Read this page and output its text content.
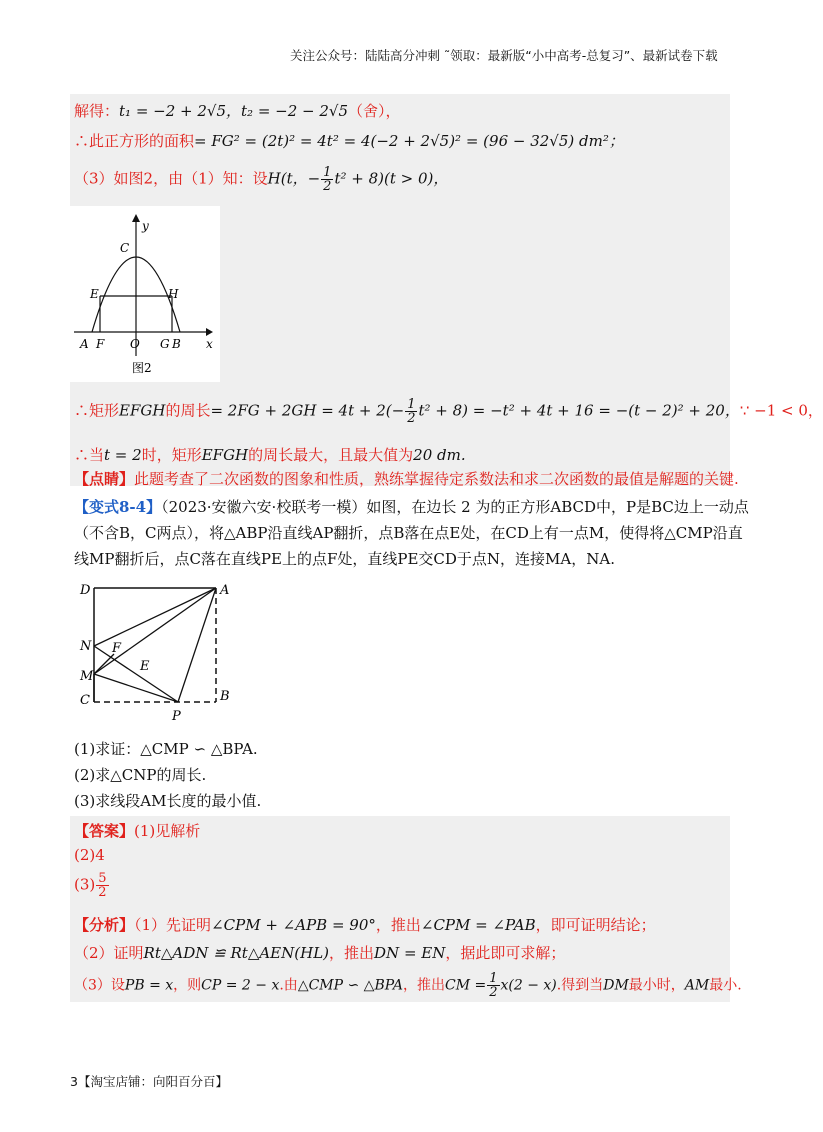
关注公众号：陆陆高分冲刺 ˜领取：最新版“小中高考-总复习”、最新试卷下载
解得：t₁ = −2 + 2√5，t₂ = −2 − 2√5（舍），
∴此正方形的面积= FG² = (2t)² = 4t² = 4(−2 + 2√5)² = (96 − 32√5) dm²；
（3）如图2，由（1）知：设H(t，− $\frac{1}{2} t^2 + 8)(t > 0)$，
y
x
C
E	H
A F O G B
图2
∴矩形EFGH的周长= $2FG + 2GH = 4t + 2(- \frac{1}{2} t^2 + 8) = -t^2 + 4t + 16 = -(t - 2)^2 + 20$，∵ −1 < 0，
∴当t = 2时，矩形EFGH的周长最大，且最大值为20 dm.
【点睛】此题考查了二次函数的图象和性质，熟练掌握待定系数法和求二次函数的最值是解题的关键.
【变式8-4】（2023·安徽六安·校联考一模）如图，在边长 2 为的正方形ABCD中，P是BC边上一动点
（不含B，C两点），将△ABP沿直线AP翻折，点B落在点E处，在CD上有一点M，使得将△CMP沿直
线MP翻折后，点C落在直线PE上的点F处，直线PE交CD于点N，连接MA，NA.
D	A
N F
E
M
C	B
P
(1)求证：△CMP ∽ △BPA.
(2)求△CNP的周长.
(3)求线段AM长度的最小值.
【答案】(1)见解析
(2)4
$(3) \frac{5}{2}$
【分析】（1）先证明∠CPM + ∠APB = 90°，推出∠CPM = ∠PAB，即可证明结论；
（2）证明Rt△ADN ≌ Rt△AEN(HL)，推出DN = EN，据此即可求解；
（3）设PB = x，则CP = 2 − x.由△CMP ∽ △BPA，推出CM = $\frac{1}{2} x(2 - x)$.得到当DM最小时，AM最小.
3【淘宝店铺：向阳百分百】
